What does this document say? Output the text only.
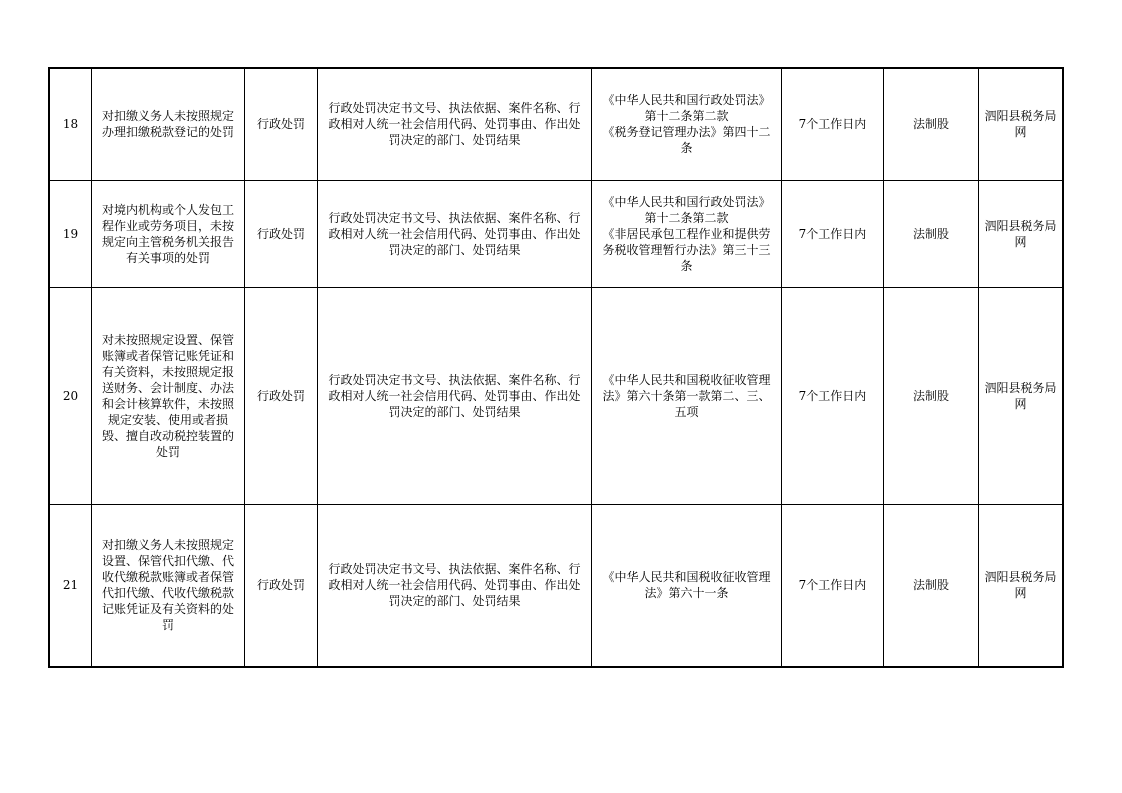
18	对扣缴义务人未按照规定办理扣缴税款登记的处罚	行政处罚	行政处罚决定书文号、执法依据、案件名称、行政相对人统一社会信用代码、处罚事由、作出处罚决定的部门、处罚结果	《中华人民共和国行政处罚法》第十二条第二款
《税务登记管理办法》第四十二条	7个工作日内	法制股	泗阳县税务局网
19	对境内机构或个人发包工程作业或劳务项目，未按规定向主管税务机关报告有关事项的处罚	行政处罚	行政处罚决定书文号、执法依据、案件名称、行政相对人统一社会信用代码、处罚事由、作出处罚决定的部门、处罚结果	《中华人民共和国行政处罚法》第十二条第二款
《非居民承包工程作业和提供劳务税收管理暂行办法》第三十三条	7个工作日内	法制股	泗阳县税务局网
20	对未按照规定设置、保管账簿或者保管记账凭证和有关资料，未按照规定报送财务、会计制度、办法和会计核算软件，未按照规定安装、使用或者损毁、擅自改动税控装置的处罚	行政处罚	行政处罚决定书文号、执法依据、案件名称、行政相对人统一社会信用代码、处罚事由、作出处罚决定的部门、处罚结果	《中华人民共和国税收征收管理法》第六十条第一款第二、三、五项	7个工作日内	法制股	泗阳县税务局网
21	对扣缴义务人未按照规定设置、保管代扣代缴、代收代缴税款账簿或者保管代扣代缴、代收代缴税款记账凭证及有关资料的处罚	行政处罚	行政处罚决定书文号、执法依据、案件名称、行政相对人统一社会信用代码、处罚事由、作出处罚决定的部门、处罚结果	《中华人民共和国税收征收管理法》第六十一条	7个工作日内	法制股	泗阳县税务局网
